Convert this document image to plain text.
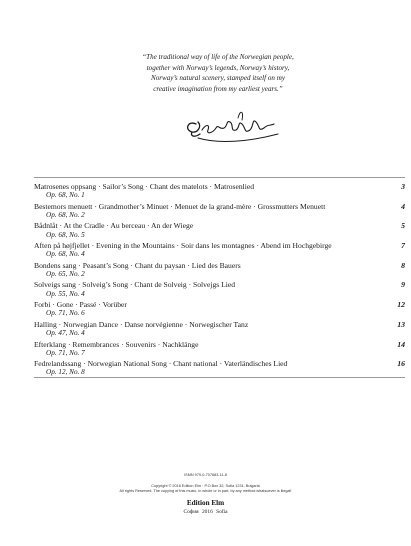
“The traditional way of life of the Norwegian people,
together with Norway’s legends, Norway’s history,
Norway’s natural scenery, stamped itself on my
creative imagination from my earliest years.”
Matrosenes oppsang · Sailor’s Song · Chant des matelots · Matrosenlied
Op. 68, No. 1
3
Bestemors menuett · Grandmother’s Minuet · Menuet de la grand-mère · Grossmutters Menuett
Op. 68, No. 2
4
Bådnlåt · At the Cradle · Au berceau · An der Wiege
Op. 68, No. 5
5
Aften på højfjellet · Evening in the Mountains · Soir dans les montagnes · Abend im Hochgebirge
Op. 68, No. 4
7
Bondens sang · Peasant’s Song · Chant du paysan · Lied des Bauers
Op. 65, No. 2
8
Solveigs sang · Solveig’s Song · Chant de Solveig · Solvejgs Lied
Op. 55, No. 4
9
Forbi · Gone · Passé · Vorüber
Op. 71, No. 6
12
Halling · Norwegian Dance · Danse norvégienne · Norwegischer Tanz
Op. 47, No. 4
13
Efterklang · Remembrances · Souvenirs · Nachklänge
Op. 71, No. 7
14
Fedrelandssang · Norwegian National Song · Chant national · Vaterländisches Lied
Op. 12, No. 8
16
ISMN 979-0-707683-11-8
Copyright © 2016 Edition Elm · P.O.Box 32, Sofia 1231, Bulgaria
All rights Reserved. The copying of this music, in whole or in part, by any method whatsoever is illegal!
Edition Elm
София 2016 Sofia
